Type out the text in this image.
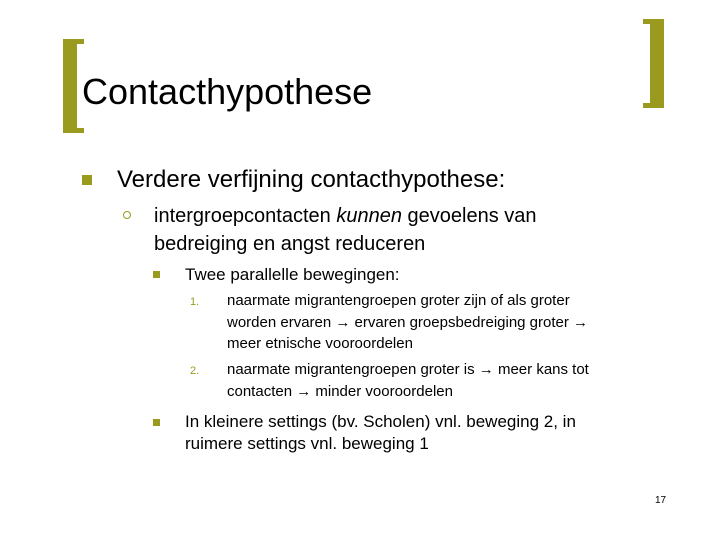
Contacthypothese
Verdere verfijning contacthypothese:
intergroepcontacten kunnen gevoelens van
bedreiging en angst reduceren
Twee parallelle bewegingen:
1. naarmate migrantengroepen groter zijn of als groter
worden ervaren → ervaren groepsbedreiging groter →
meer etnische vooroordelen
2. naarmate migrantengroepen groter is → meer kans tot
contacten → minder vooroordelen
In kleinere settings (bv. Scholen) vnl. beweging 2, in
ruimere settings vnl. beweging 1
17
